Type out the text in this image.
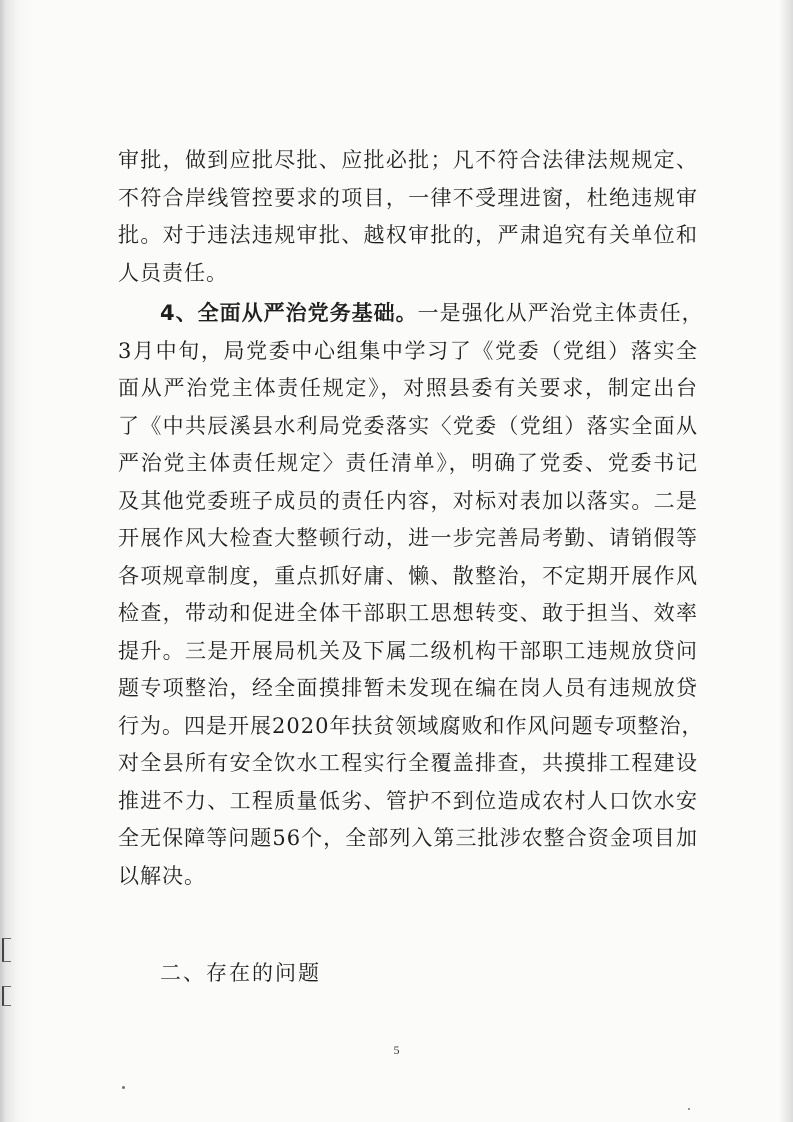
审批，做到应批尽批、应批必批；凡不符合法律法规规定、
不符合岸线管控要求的项目，一律不受理进窗，杜绝违规审
批。对于违法违规审批、越权审批的，严肃追究有关单位和
人员责任。
4、全面从严治党务基础。一是强化从严治党主体责任，
3月中旬，局党委中心组集中学习了《党委（党组）落实全
面从严治党主体责任规定》，对照县委有关要求，制定出台
了《中共辰溪县水利局党委落实〈党委（党组）落实全面从
严治党主体责任规定〉责任清单》，明确了党委、党委书记
及其他党委班子成员的责任内容，对标对表加以落实。二是
开展作风大检查大整顿行动，进一步完善局考勤、请销假等
各项规章制度，重点抓好庸、懒、散整治，不定期开展作风
检查，带动和促进全体干部职工思想转变、敢于担当、效率
提升。三是开展局机关及下属二级机构干部职工违规放贷问
题专项整治，经全面摸排暂未发现在编在岗人员有违规放贷
行为。四是开展2020年扶贫领域腐败和作风问题专项整治，
对全县所有安全饮水工程实行全覆盖排查，共摸排工程建设
推进不力、工程质量低劣、管护不到位造成农村人口饮水安
全无保障等问题56个，全部列入第三批涉农整合资金项目加
以解决。
二、存在的问题
5
